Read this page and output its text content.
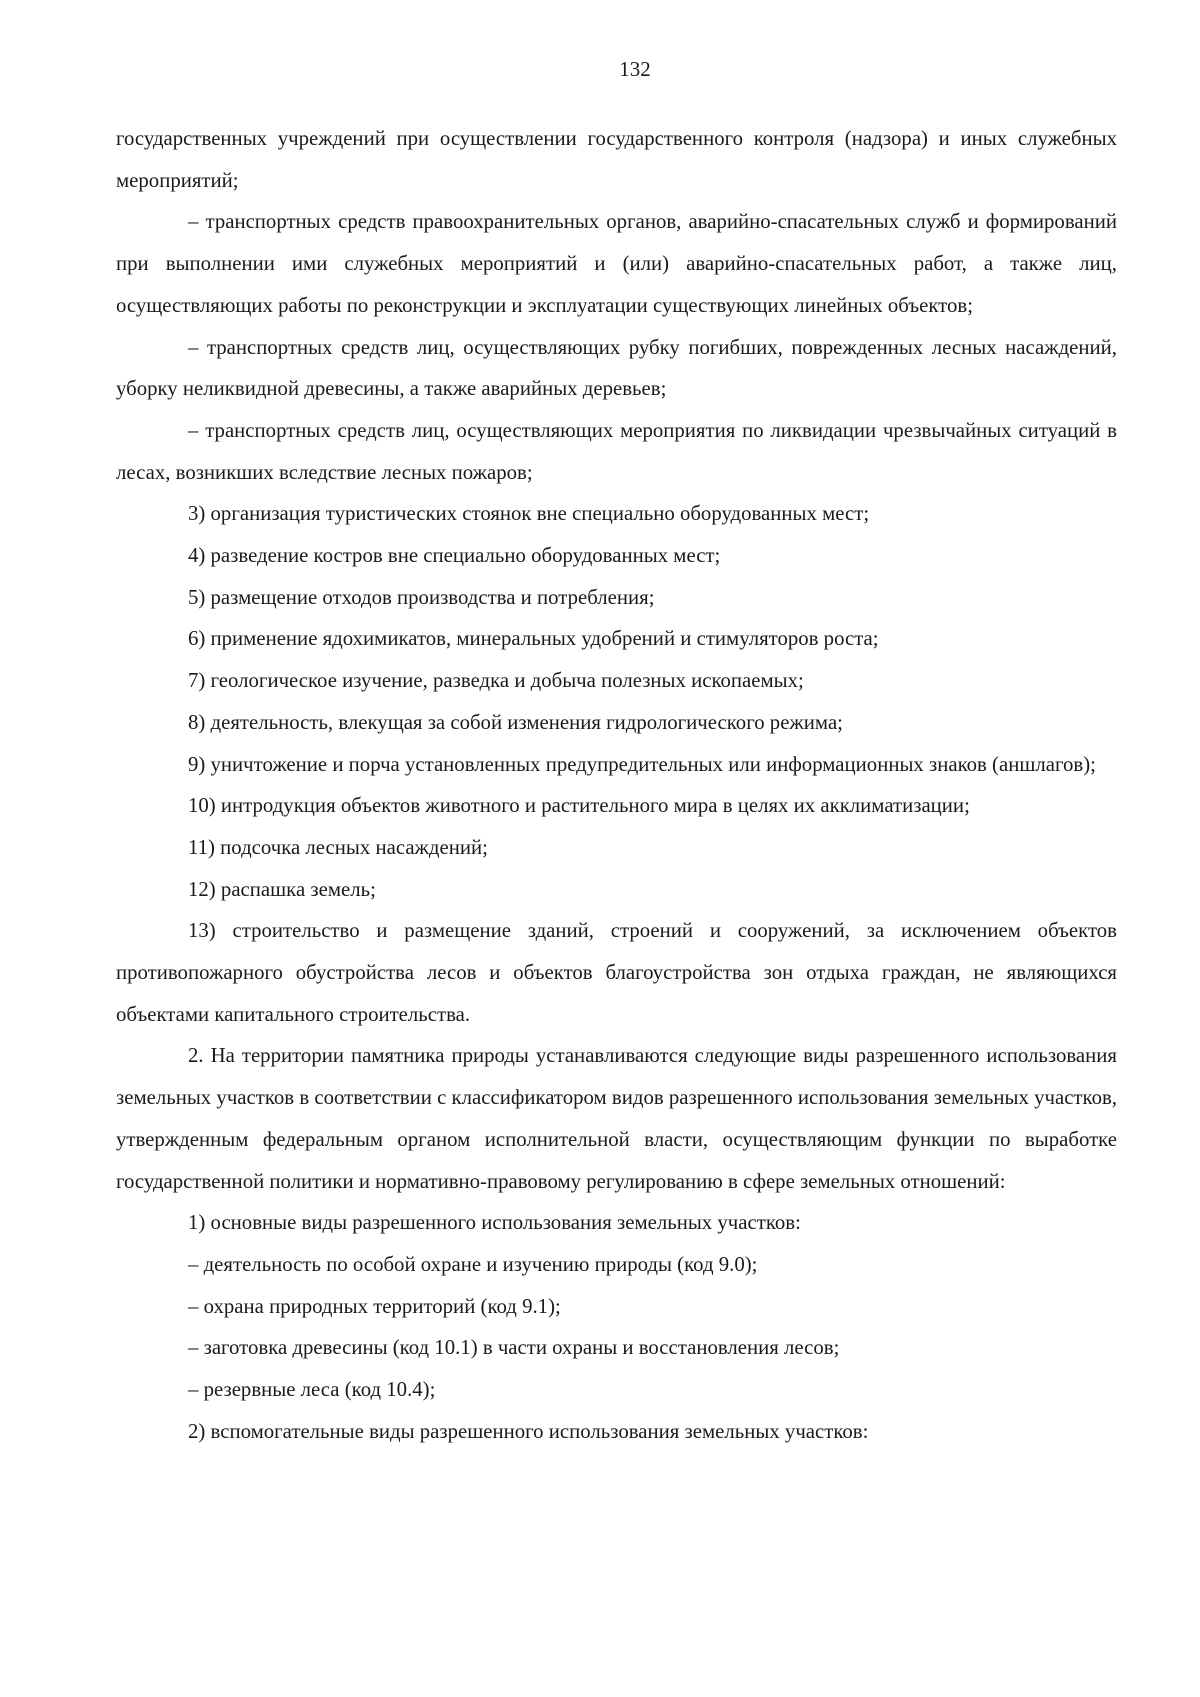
132

государственных учреждений при осуществлении государственного контроля (надзора) и иных служебных мероприятий;

– транспортных средств правоохранительных органов, аварийно-спасательных служб и формирований при выполнении ими служебных мероприятий и (или) аварийно-спасательных работ, а также лиц, осуществляющих работы по реконструкции и эксплуатации существующих линейных объектов;

– транспортных средств лиц, осуществляющих рубку погибших, поврежденных лесных насаждений, уборку неликвидной древесины, а также аварийных деревьев;

– транспортных средств лиц, осуществляющих мероприятия по ликвидации чрезвычайных ситуаций в лесах, возникших вследствие лесных пожаров;

3) организация туристических стоянок вне специально оборудованных мест;

4) разведение костров вне специально оборудованных мест;

5) размещение отходов производства и потребления;

6) применение ядохимикатов, минеральных удобрений и стимуляторов роста;

7) геологическое изучение, разведка и добыча полезных ископаемых;

8) деятельность, влекущая за собой изменения гидрологического режима;

9) уничтожение и порча установленных предупредительных или информационных знаков (аншлагов);

10) интродукция объектов животного и растительного мира в целях их акклиматизации;

11) подсочка лесных насаждений;

12) распашка земель;

13) строительство и размещение зданий, строений и сооружений, за исключением объектов противопожарного обустройства лесов и объектов благоустройства зон отдыха граждан, не являющихся объектами капитального строительства.

2. На территории памятника природы устанавливаются следующие виды разрешенного использования земельных участков в соответствии с классификатором видов разрешенного использования земельных участков, утвержденным федеральным органом исполнительной власти, осуществляющим функции по выработке государственной политики и нормативно-правовому регулированию в сфере земельных отношений:

1) основные виды разрешенного использования земельных участков:

– деятельность по особой охране и изучению природы (код 9.0);

– охрана природных территорий (код 9.1);

– заготовка древесины (код 10.1) в части охраны и восстановления лесов;

– резервные леса (код 10.4);

2) вспомогательные виды разрешенного использования земельных участков:
